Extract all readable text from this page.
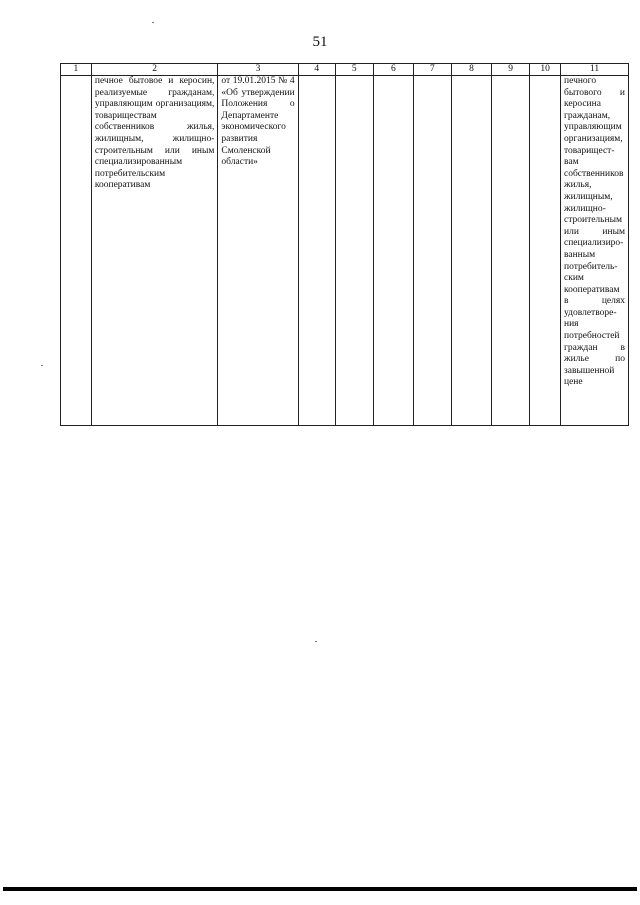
51
1	2	3	4	5	6	7	8	9	10	11
	печное бытовое и керосин, реализуемые гражданам, управляющим организациям, товариществам собственников жилья, жилищным, жилищно-строительным или иным специализированным потребительским кооперативам	от 19.01.2015 № 4 «Об утверждении Положения о Департаменте экономического развития Смоленской области»								печного бытового и керосина гражданам, управляющим организациям, товарищест-вам собственников жилья, жилищным, жилищно-строительным или иным специализиро-ванным потребитель-ским кооперативам в целях удовлетворе-ния потребностей граждан в жилье по завышенной цене
